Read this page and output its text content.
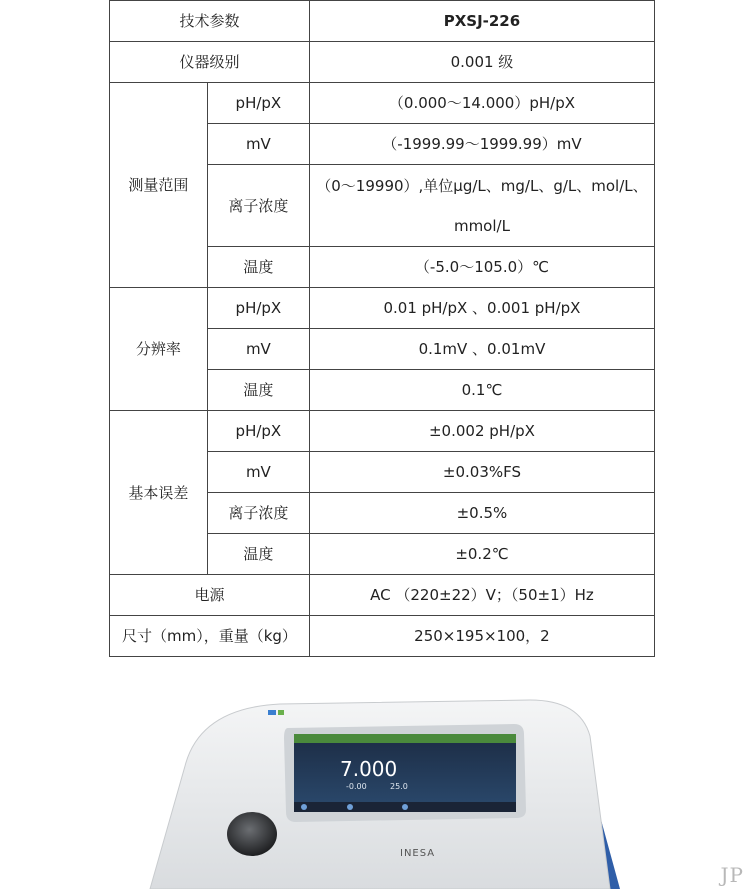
技术参数		PXSJ-226
仪器级别		0.001 级
测量范围	pH/pX	（0.000～14.000）pH/pX
	mV	（-1999.99～1999.99）mV
	离子浓度	（0～19990）,单位µg/L、mg/L、g/L、mol/L、mmol/L
	温度	（-5.0～105.0）℃
分辨率	pH/pX	0.01 pH/pX 、0.001 pH/pX
	mV	0.1mV 、0.01mV
	温度	0.1℃
基本误差	pH/pX	±0.002 pH/pX
	mV	±0.03%FS
	离子浓度	±0.5%
	温度	±0.2℃
电源		AC （220±22）V；（50±1）Hz
尺寸（mm），重量（kg）		250×195×100，2
7.000
-0.00	25.0
INESA
JP
